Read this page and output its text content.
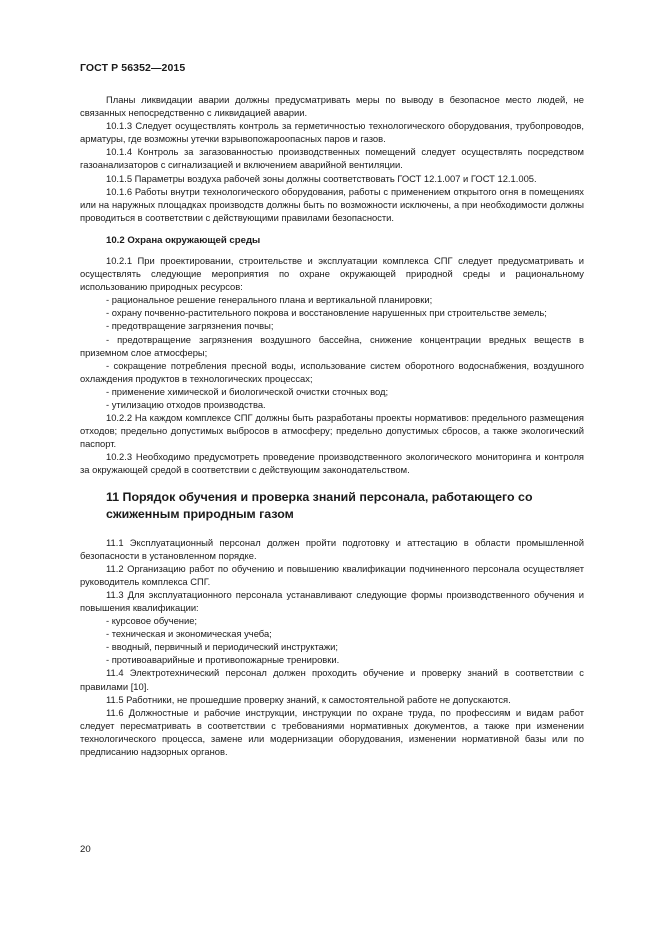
ГОСТ Р 56352—2015

Планы ликвидации аварии должны предусматривать меры по выводу в безопасное место людей, не связанных непосредственно с ликвидацией аварии.

10.1.3 Следует осуществлять контроль за герметичностью технологического оборудования, трубопроводов, арматуры, где возможны утечки взрывопожароопасных паров и газов.

10.1.4 Контроль за загазованностью производственных помещений следует осуществлять посредством газоанализаторов с сигнализацией и включением аварийной вентиляции.

10.1.5 Параметры воздуха рабочей зоны должны соответствовать ГОСТ 12.1.007 и ГОСТ 12.1.005.

10.1.6 Работы внутри технологического оборудования, работы с применением открытого огня в помещениях или на наружных площадках производств должны быть по возможности исключены, а при необходимости должны проводиться в соответствии с действующими правилами безопасности.

10.2 Охрана окружающей среды

10.2.1 При проектировании, строительстве и эксплуатации комплекса СПГ следует предусматривать и осуществлять следующие мероприятия по охране окружающей природной среды и рациональному использованию природных ресурсов:

- рациональное решение генерального плана и вертикальной планировки;

- охрану почвенно-растительного покрова и восстановление нарушенных при строительстве земель;

- предотвращение загрязнения почвы;

- предотвращение загрязнения воздушного бассейна, снижение концентрации вредных веществ в приземном слое атмосферы;

- сокращение потребления пресной воды, использование систем оборотного водоснабжения, воздушного охлаждения продуктов в технологических процессах;

- применение химической и биологической очистки сточных вод;

- утилизацию отходов производства.

10.2.2 На каждом комплексе СПГ должны быть разработаны проекты нормативов: предельного размещения отходов; предельно допустимых выбросов в атмосферу; предельно допустимых сбросов, а также экологический паспорт.

10.2.3 Необходимо предусмотреть проведение производственного экологического мониторинга и контроля за окружающей средой в соответствии с действующим законодательством.

11 Порядок обучения и проверка знаний персонала, работающего со сжиженным природным газом

11.1 Эксплуатационный персонал должен пройти подготовку и аттестацию в области промышленной безопасности в установленном порядке.

11.2 Организацию работ по обучению и повышению квалификации подчиненного персонала осуществляет руководитель комплекса СПГ.

11.3 Для эксплуатационного персонала устанавливают следующие формы производственного обучения и повышения квалификации:

- курсовое обучение;

- техническая и экономическая учеба;

- вводный, первичный и периодический инструктажи;

- противоаварийные и противопожарные тренировки.

11.4 Электротехнический персонал должен проходить обучение и проверку знаний в соответствии с правилами [10].

11.5 Работники, не прошедшие проверку знаний, к самостоятельной работе не допускаются.

11.6 Должностные и рабочие инструкции, инструкции по охране труда, по профессиям и видам работ следует пересматривать в соответствии с требованиями нормативных документов, а также при изменении технологического процесса, замене или модернизации оборудования, изменении нормативной базы или по предписанию надзорных органов.

20
